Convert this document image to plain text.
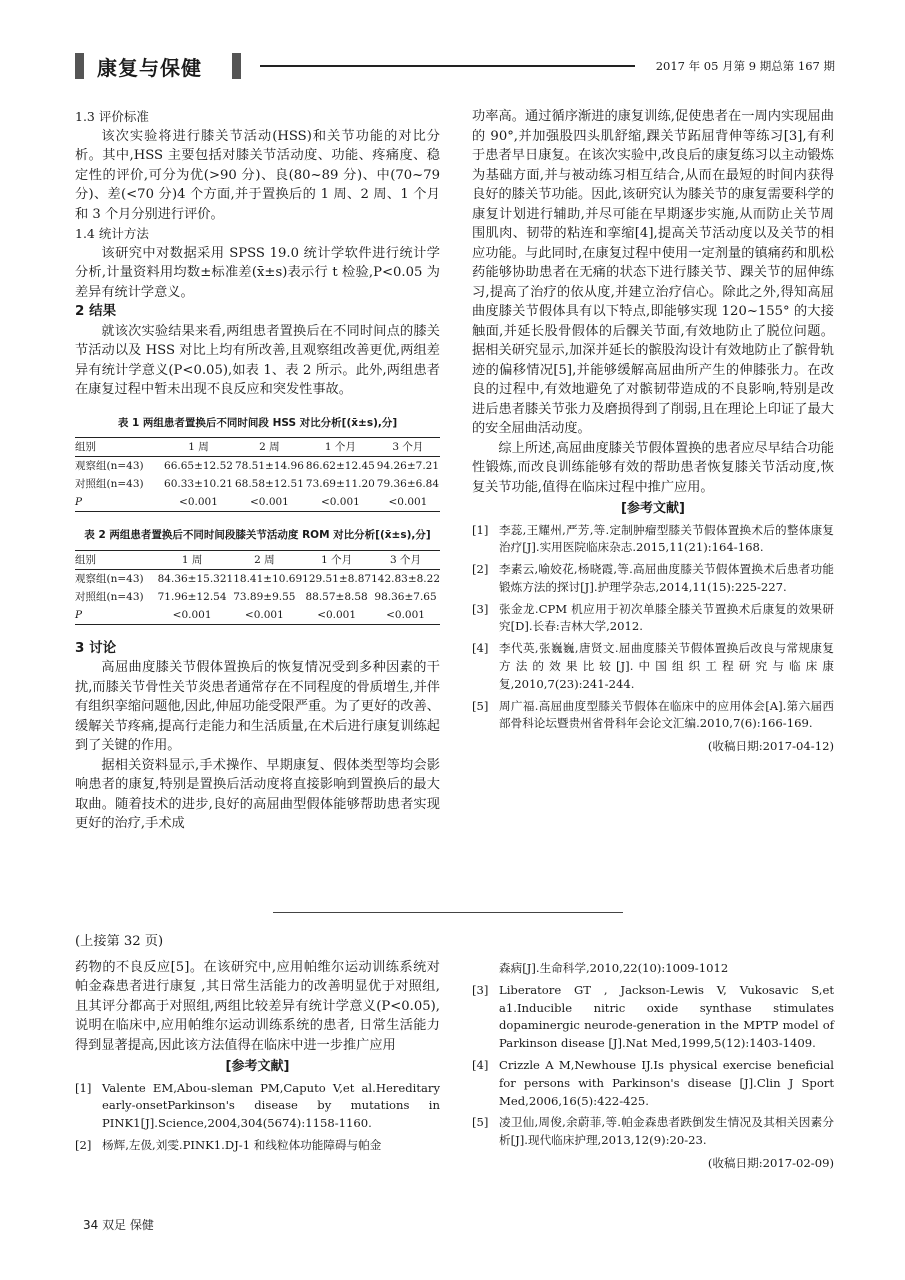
康复与保健	2017 年 05 月第 9 期总第 167 期

1.3 评价标准

该次实验将进行膝关节活动(HSS)和关节功能的对比分析。其中,HSS 主要包括对膝关节活动度、功能、疼痛度、稳定性的评价,可分为优(>90 分)、良(80~89 分)、中(70~79 分)、差(<70 分)4 个方面,并于置换后的 1 周、2 周、1 个月和 3 个月分别进行评价。

1.4 统计方法

该研究中对数据采用 SPSS 19.0 统计学软件进行统计学分析,计量资料用均数±标准差(x̄±s)表示行 t 检验,P<0.05 为差异有统计学意义。

2 结果

就该次实验结果来看,两组患者置换后在不同时间点的膝关节活动以及 HSS 对比上均有所改善,且观察组改善更优,两组差异有统计学意义(P<0.05),如表 1、表 2 所示。此外,两组患者在康复过程中暂未出现不良反应和突发性事故。

表 1 两组患者置换后不同时间段 HSS 对比分析[(x̄±s),分]
组别	1 周	2 周	1 个月	3 个月
观察组(n=43)	66.65±12.52	78.51±14.96	86.62±12.45	94.26±7.21
对照组(n=43)	60.33±10.21	68.58±12.51	73.69±11.20	79.36±6.84
P	<0.001	<0.001	<0.001	<0.001
表 2 两组患者置换后不同时间段膝关节活动度 ROM 对比分析[(x̄±s),分]
组别	1 周	2 周	1 个月	3 个月
观察组(n=43)	84.36±15.32	118.41±10.69	129.51±8.87	142.83±8.22
对照组(n=43)	71.96±12.54	73.89±9.55	88.57±8.58	98.36±7.65
P	<0.001	<0.001	<0.001	<0.001

3 讨论

高屈曲度膝关节假体置换后的恢复情况受到多种因素的干扰,而膝关节骨性关节炎患者通常存在不同程度的骨质增生,并伴有组织挛缩问题他,因此,伸屈功能受限严重。为了更好的改善、缓解关节疼痛,提高行走能力和生活质量,在术后进行康复训练起到了关键的作用。

据相关资料显示,手术操作、早期康复、假体类型等均会影响患者的康复,特别是置换后活动度将直接影响到置换后的最大取曲。随着技术的进步,良好的高屈曲型假体能够帮助患者实现更好的治疗,手术成

功率高。通过循序渐进的康复训练,促使患者在一周内实现屈曲的 90°,并加强股四头肌舒缩,踝关节跖屈背伸等练习[3],有利于患者早日康复。在该次实验中,改良后的康复练习以主动锻炼为基础方面,并与被动练习相互结合,从而在最短的时间内获得良好的膝关节功能。因此,该研究认为膝关节的康复需要科学的康复计划进行辅助,并尽可能在早期逐步实施,从而防止关节周围肌肉、韧带的粘连和挛缩[4],提高关节活动度以及关节的相应功能。与此同时,在康复过程中使用一定剂量的镇痛药和肌松药能够协助患者在无痛的状态下进行膝关节、踝关节的屈伸练习,提高了治疗的依从度,并建立治疗信心。除此之外,得知高屈曲度膝关节假体具有以下特点,即能够实现 120~155° 的大接触面,并延长股骨假体的后髁关节面,有效地防止了脱位问题。据相关研究显示,加深并延长的髌股沟设计有效地防止了髌骨轨迹的偏移情况[5],并能够缓解高屈曲所产生的伸膝张力。在改良的过程中,有效地避免了对髌韧带造成的不良影响,特别是改进后患者膝关节张力及磨损得到了削弱,且在理论上印证了最大的安全屈曲活动度。

综上所述,高屈曲度膝关节假体置换的患者应尽早结合功能性锻炼,而改良训练能够有效的帮助患者恢复膝关节活动度,恢复关节功能,值得在临床过程中推广应用。

[参考文献]
[1] 李蕊,王耀州,严芳,等.定制肿瘤型膝关节假体置换术后的整体康复治疗[J].实用医院临床杂志.2015,11(21):164-168.
[2] 李素云,喻姣花,杨晓霞,等.高屈曲度膝关节假体置换术后患者功能锻炼方法的探讨[J].护理学杂志,2014,11(15):225-227.
[3] 张金龙.CPM 机应用于初次单膝全膝关节置换术后康复的效果研究[D].长春:吉林大学,2012.
[4] 李代英,张巍巍,唐贤文.屈曲度膝关节假体置换后改良与常规康复方法的效果比较[J].中国组织工程研究与临床康复,2010,7(23):241-244.
[5] 周广福.高屈曲度型膝关节假体在临床中的应用体会[A].第六届西部骨科论坛暨贵州省骨科年会论文汇编.2010,7(6):166-169.
(收稿日期:2017-04-12)

(上接第 32 页)

药物的不良反应[5]。在该研究中,应用帕维尔运动训练系统对帕金森患者进行康复 ,其日常生活能力的改善明显优于对照组,且其评分都高于对照组,两组比较差异有统计学意义(P<0.05),说明在临床中,应用帕维尔运动训练系统的患者, 日常生活能力得到显著提高,因此该方法值得在临床中进一步推广应用

[参考文献]
[1] Valente EM,Abou-sleman PM,Caputo V,et al.Hereditary early-onsetParkinson's disease by mutations in PINK1[J].Science,2004,304(5674):1158-1160.
[2] 杨辉,左伋,刘雯.PINK1.DJ-1 和线粒体功能障碍与帕金
森病[J].生命科学,2010,22(10):1009-1012
[3] Liberatore GT , Jackson-Lewis V, Vukosavic S,et a1.Inducible nitric oxide synthase stimulates dopaminergic neurode-generation in the MPTP model of Parkinson disease [J].Nat Med,1999,5(12):1403-1409.
[4] Crizzle A M,Newhouse IJ.Is physical exercise beneficial for persons with Parkinson's disease [J].Clin J Sport Med,2006,16(5):422-425.
[5] 凌卫仙,周俊,余蔚菲,等.帕金森患者跌倒发生情况及其相关因素分析[J].现代临床护理,2013,12(9):20-23.
(收稿日期:2017-02-09)
34 双足 保健
